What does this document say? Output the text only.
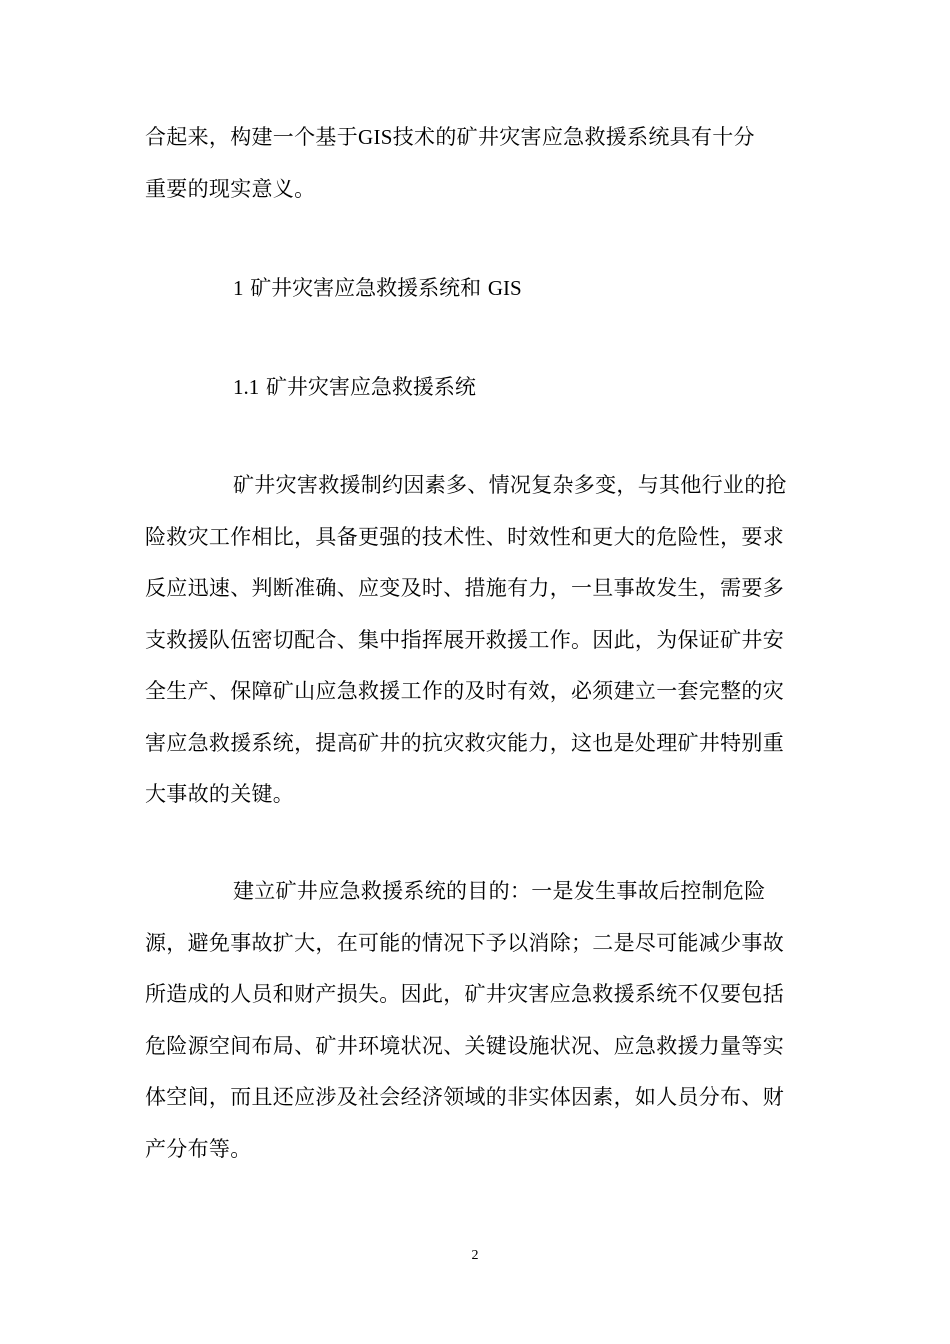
合起来，构建一个基于GIS技术的矿井灾害应急救援系统具有十分

重要的现实意义。

1 矿井灾害应急救援系统和 GIS
1.1 矿井灾害应急救援系统
矿井灾害救援制约因素多、情况复杂多变，与其他行业的抢险救灾工作相比，具备更强的技术性、时效性和更大的危险性，要求反应迅速、判断准确、应变及时、措施有力，一旦事故发生，需要多支救援队伍密切配合、集中指挥展开救援工作。因此，为保证矿井安全生产、保障矿山应急救援工作的及时有效，必须建立一套完整的灾害应急救援系统，提高矿井的抗灾救灾能力，这也是处理矿井特别重大事故的关键。
建立矿井应急救援系统的目的：一是发生事故后控制危险源，避免事故扩大，在可能的情况下予以消除；二是尽可能减少事故所造成的人员和财产损失。因此，矿井灾害应急救援系统不仅要包括危险源空间布局、矿井环境状况、关键设施状况、应急救援力量等实体空间，而且还应涉及社会经济领域的非实体因素，如人员分布、财产分布等。
2
